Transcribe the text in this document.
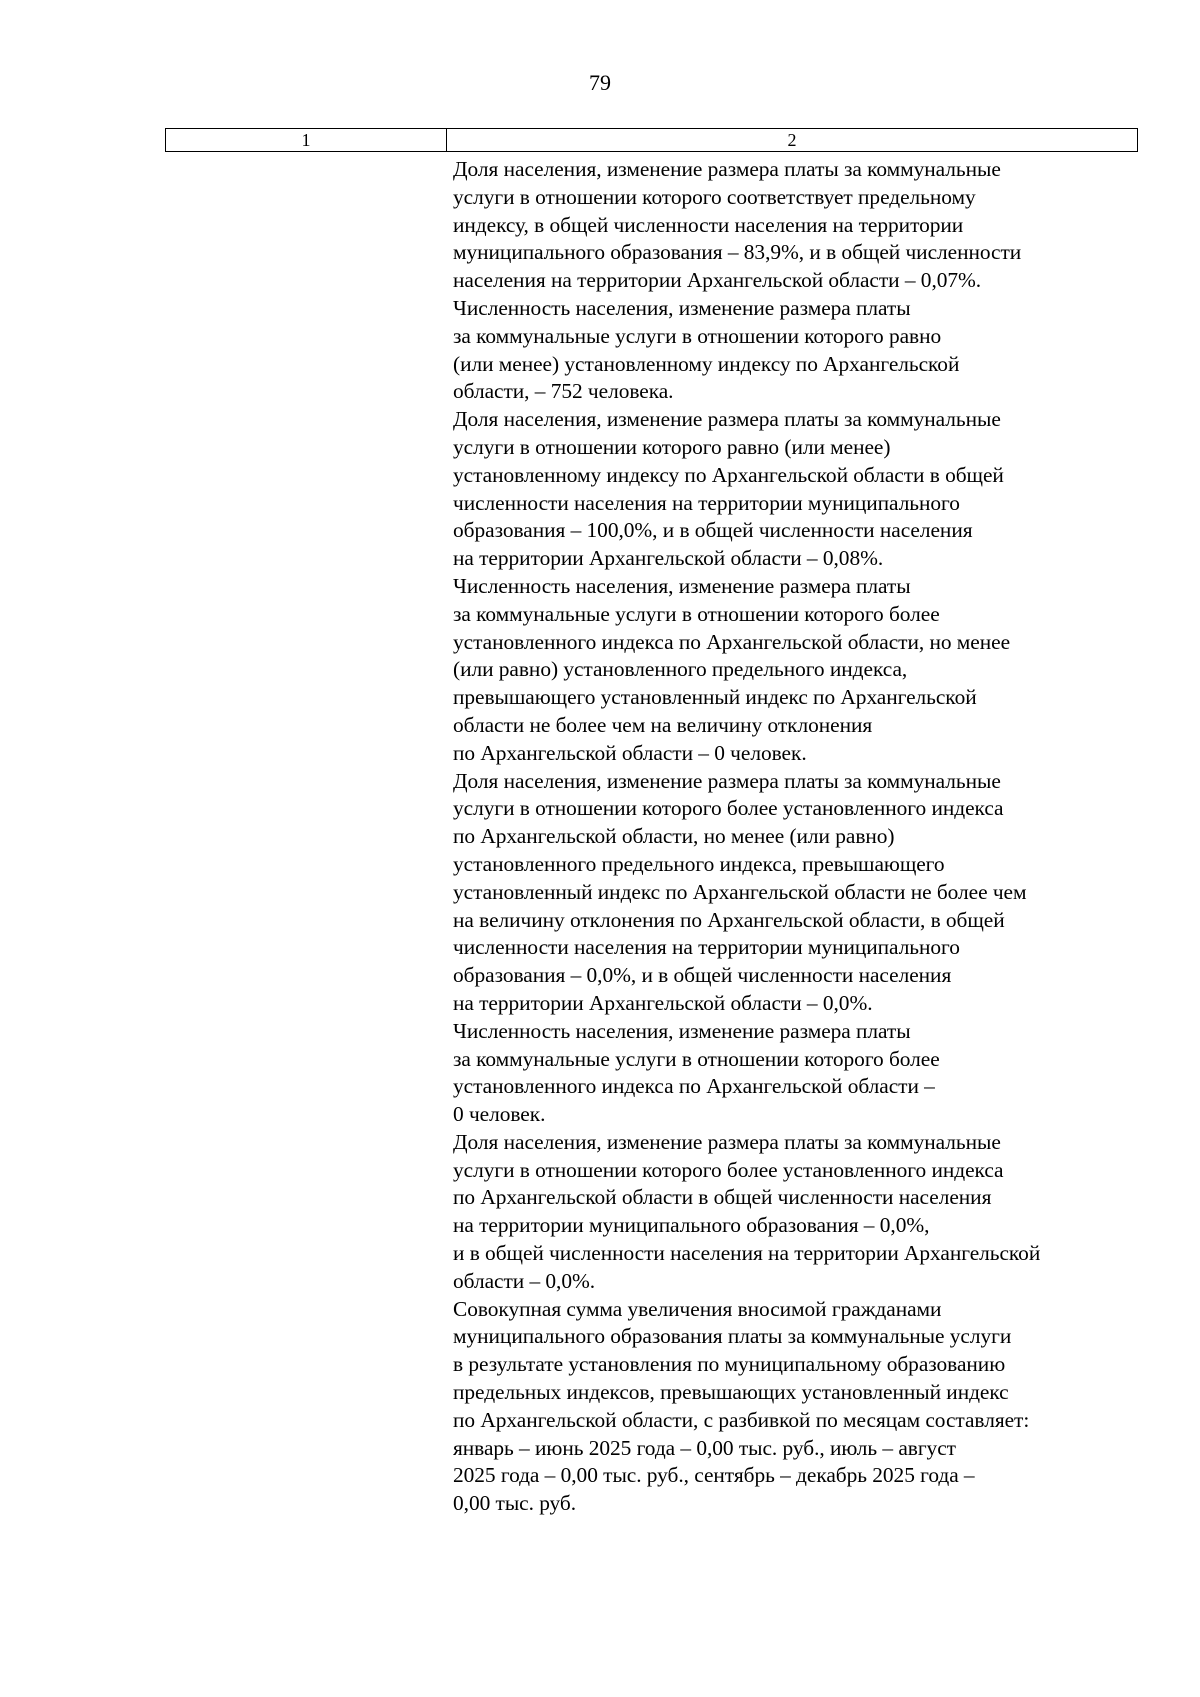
79
1	2
Доля населения, изменение размера платы за коммунальные
услуги в отношении которого соответствует предельному
индексу, в общей численности населения на территории
муниципального образования – 83,9%, и в общей численности
населения на территории Архангельской области – 0,07%.
Численность населения, изменение размера платы
за коммунальные услуги в отношении которого равно
(или менее) установленному индексу по Архангельской
области, – 752 человека.
Доля населения, изменение размера платы за коммунальные
услуги в отношении которого равно (или менее)
установленному индексу по Архангельской области в общей
численности населения на территории муниципального
образования – 100,0%, и в общей численности населения
на территории Архангельской области – 0,08%.
Численность населения, изменение размера платы
за коммунальные услуги в отношении которого более
установленного индекса по Архангельской области, но менее
(или равно) установленного предельного индекса,
превышающего установленный индекс по Архангельской
области не более чем на величину отклонения
по Архангельской области – 0 человек.
Доля населения, изменение размера платы за коммунальные
услуги в отношении которого более установленного индекса
по Архангельской области, но менее (или равно)
установленного предельного индекса, превышающего
установленный индекс по Архангельской области не более чем
на величину отклонения по Архангельской области, в общей
численности населения на территории муниципального
образования – 0,0%, и в общей численности населения
на территории Архангельской области – 0,0%.
Численность населения, изменение размера платы
за коммунальные услуги в отношении которого более
установленного индекса по Архангельской области –
0 человек.
Доля населения, изменение размера платы за коммунальные
услуги в отношении которого более установленного индекса
по Архангельской области в общей численности населения
на территории муниципального образования – 0,0%,
и в общей численности населения на территории Архангельской
области – 0,0%.
Совокупная сумма увеличения вносимой гражданами
муниципального образования платы за коммунальные услуги
в результате установления по муниципальному образованию
предельных индексов, превышающих установленный индекс
по Архангельской области, с разбивкой по месяцам составляет:
январь – июнь 2025 года – 0,00 тыс. руб., июль – август
2025 года – 0,00 тыс. руб., сентябрь – декабрь 2025 года –
0,00 тыс. руб.
